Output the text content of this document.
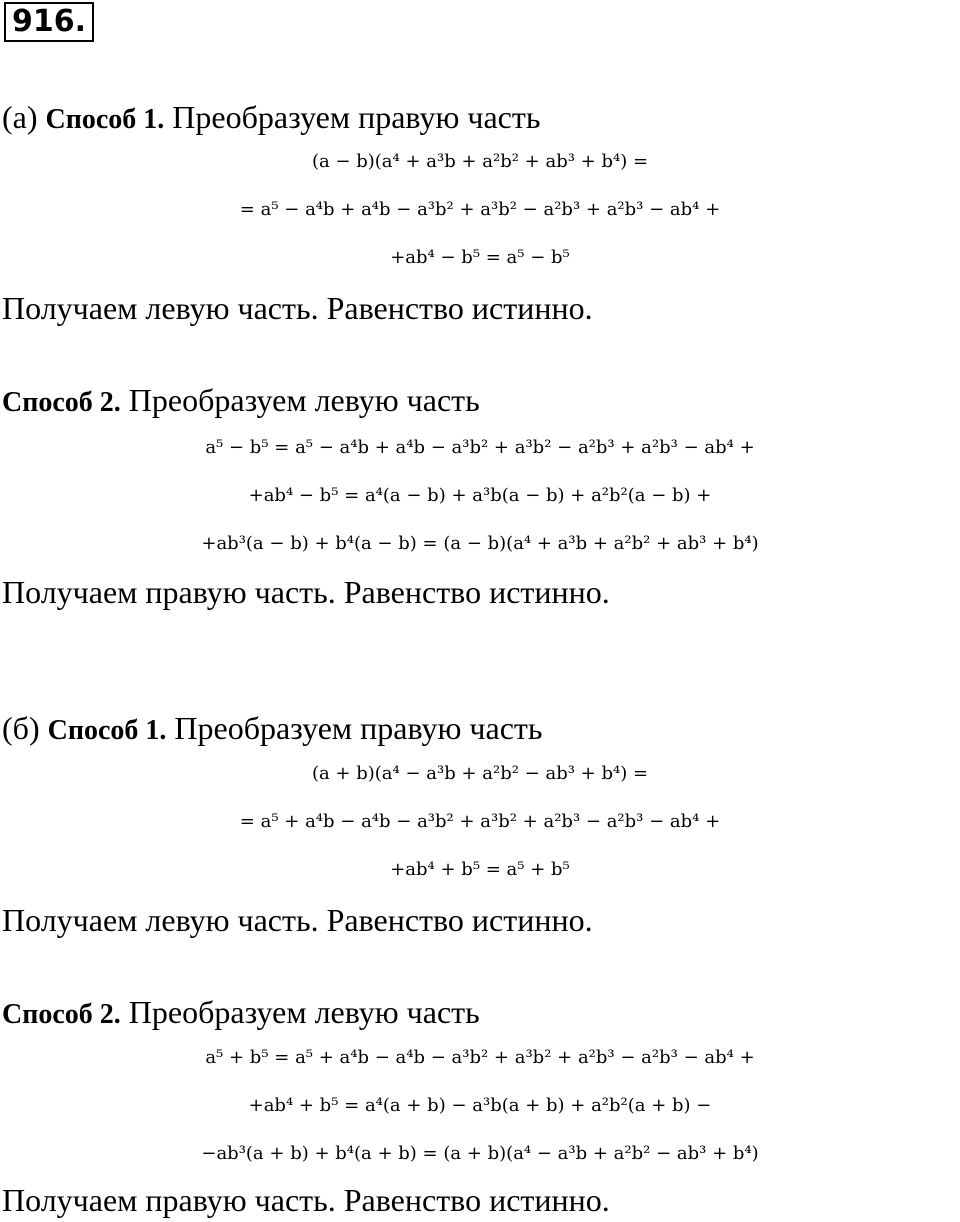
916.
(а) Способ 1. Преобразуем правую часть
(a − b)(a⁴ + a³b + a²b² + ab³ + b⁴) =
= a⁵ − a⁴b + a⁴b − a³b² + a³b² − a²b³ + a²b³ − ab⁴ +
+ab⁴ − b⁵ = a⁵ − b⁵
Получаем левую часть. Равенство истинно.
Способ 2. Преобразуем левую часть
a⁵ − b⁵ = a⁵ − a⁴b + a⁴b − a³b² + a³b² − a²b³ + a²b³ − ab⁴ +
+ab⁴ − b⁵ = a⁴(a − b) + a³b(a − b) + a²b²(a − b) +
+ab³(a − b) + b⁴(a − b) = (a − b)(a⁴ + a³b + a²b² + ab³ + b⁴)
Получаем правую часть. Равенство истинно.
(б) Способ 1. Преобразуем правую часть
(a + b)(a⁴ − a³b + a²b² − ab³ + b⁴) =
= a⁵ + a⁴b − a⁴b − a³b² + a³b² + a²b³ − a²b³ − ab⁴ +
+ab⁴ + b⁵ = a⁵ + b⁵
Получаем левую часть. Равенство истинно.
Способ 2. Преобразуем левую часть
a⁵ + b⁵ = a⁵ + a⁴b − a⁴b − a³b² + a³b² + a²b³ − a²b³ − ab⁴ +
+ab⁴ + b⁵ = a⁴(a + b) − a³b(a + b) + a²b²(a + b) −
−ab³(a + b) + b⁴(a + b) = (a + b)(a⁴ − a³b + a²b² − ab³ + b⁴)
Получаем правую часть. Равенство истинно.
